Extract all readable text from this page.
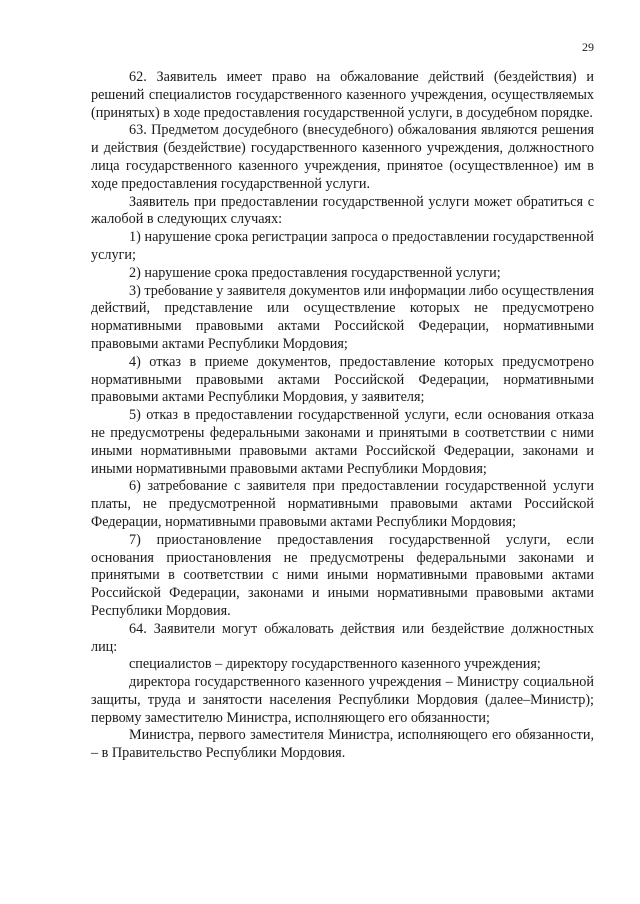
29

62. Заявитель имеет право на обжалование действий (бездействия) и решений специалистов государственного казенного учреждения, осуществляемых (принятых) в ходе предоставления государственной услуги, в досудебном порядке.

63. Предметом досудебного (внесудебного) обжалования являются решения и действия (бездействие) государственного казенного учреждения, должностного лица государственного казенного учреждения, принятое (осуществленное) им в ходе предоставления государственной услуги.

Заявитель при предоставлении государственной услуги может обратиться с жалобой в следующих случаях:

1) нарушение срока регистрации запроса о предоставлении государственной услуги;

2) нарушение срока предоставления государственной услуги;

3) требование у заявителя документов или информации либо осуществления действий, представление или осуществление которых не предусмотрено нормативными правовыми актами Российской Федерации, нормативными правовыми актами Республики Мордовия;

4) отказ в приеме документов, предоставление которых предусмотрено нормативными правовыми актами Российской Федерации, нормативными правовыми актами Республики Мордовия, у заявителя;

5) отказ в предоставлении государственной услуги, если основания отказа не предусмотрены федеральными законами и принятыми в соответствии с ними иными нормативными правовыми актами Российской Федерации, законами и иными нормативными правовыми актами Республики Мордовия;

6) затребование с заявителя при предоставлении государственной услуги платы, не предусмотренной нормативными правовыми актами Российской Федерации, нормативными правовыми актами Республики Мордовия;

7) приостановление предоставления государственной услуги, если основания приостановления не предусмотрены федеральными законами и принятыми в соответствии с ними иными нормативными правовыми актами Российской Федерации, законами и иными нормативными правовыми актами Республики Мордовия.

64. Заявители могут обжаловать действия или бездействие должностных лиц:

специалистов – директору государственного казенного учреждения;

директора государственного казенного учреждения – Министру социальной защиты, труда и занятости населения Республики Мордовия (далее–Министр); первому заместителю Министра, исполняющего его обязанности;

Министра, первого заместителя Министра, исполняющего его обязанности, – в Правительство Республики Мордовия.
